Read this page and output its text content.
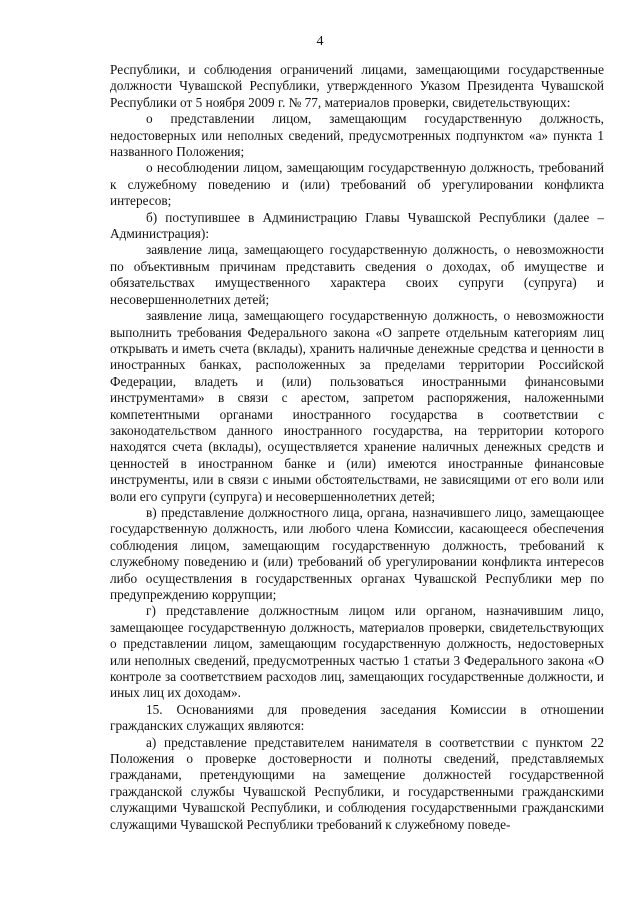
4

Республики, и соблюдения ограничений лицами, замещающими государственные должности Чувашской Республики, утвержденного Указом Президента Чувашской Республики от 5 ноября 2009 г. № 77, материалов проверки, свидетельствующих:

о представлении лицом, замещающим государственную должность, недостоверных или неполных сведений, предусмотренных подпунктом «а» пункта 1 названного Положения;

о несоблюдении лицом, замещающим государственную должность, требований к служебному поведению и (или) требований об урегулировании конфликта интересов;

б) поступившее в Администрацию Главы Чувашской Республики (далее – Администрация):

заявление лица, замещающего государственную должность, о невозможности по объективным причинам представить сведения о доходах, об имуществе и обязательствах имущественного характера своих супруги (супруга) и несовершеннолетних детей;

заявление лица, замещающего государственную должность, о невозможности выполнить требования Федерального закона «О запрете отдельным категориям лиц открывать и иметь счета (вклады), хранить наличные денежные средства и ценности в иностранных банках, расположенных за пределами территории Российской Федерации, владеть и (или) пользоваться иностранными финансовыми инструментами» в связи с арестом, запретом распоряжения, наложенными компетентными органами иностранного государства в соответствии с законодательством данного иностранного государства, на территории которого находятся счета (вклады), осуществляется хранение наличных денежных средств и ценностей в иностранном банке и (или) имеются иностранные финансовые инструменты, или в связи с иными обстоятельствами, не зависящими от его воли или воли его супруги (супруга) и несовершеннолетних детей;

в) представление должностного лица, органа, назначившего лицо, замещающее государственную должность, или любого члена Комиссии, касающееся обеспечения соблюдения лицом, замещающим государственную должность, требований к служебному поведению и (или) требований об урегулировании конфликта интересов либо осуществления в государственных органах Чувашской Республики мер по предупреждению коррупции;

г) представление должностным лицом или органом, назначившим лицо, замещающее государственную должность, материалов проверки, свидетельствующих о представлении лицом, замещающим государственную должность, недостоверных или неполных сведений, предусмотренных частью 1 статьи 3 Федерального закона «О контроле за соответствием расходов лиц, замещающих государственные должности, и иных лиц их доходам».

15. Основаниями для проведения заседания Комиссии в отношении гражданских служащих являются:

а) представление представителем нанимателя в соответствии с пунктом 22 Положения о проверке достоверности и полноты сведений, представляемых гражданами, претендующими на замещение должностей государственной гражданской службы Чувашской Республики, и государственными гражданскими служащими Чувашской Республики, и соблюдения государственными гражданскими служащими Чувашской Республики требований к служебному поведе-
